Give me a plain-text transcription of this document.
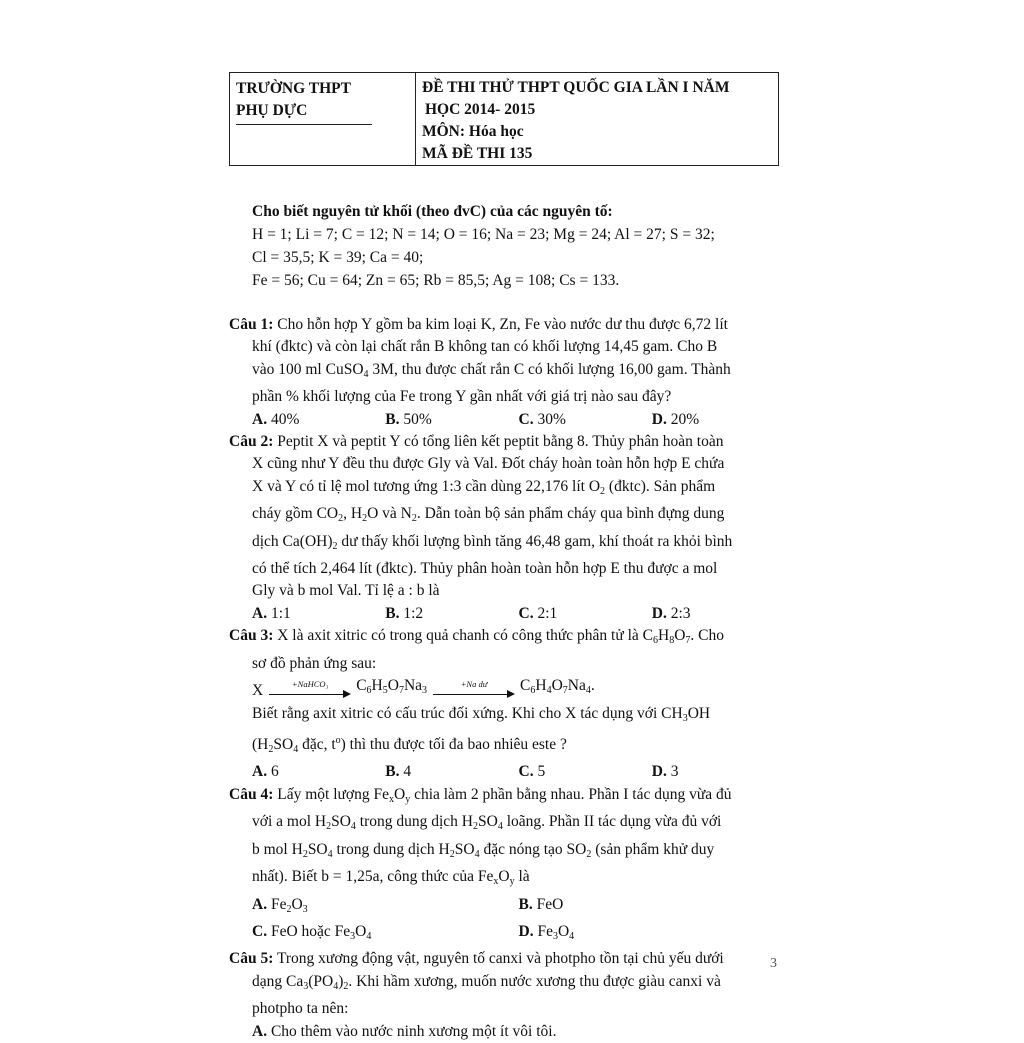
TRƯỜNG THPT
PHỤ DỰC
ĐỀ THI THỬ THPT QUỐC GIA LẦN I NĂM
HỌC 2014- 2015
MÔN: Hóa học
MÃ ĐỀ THI 135
Cho biết nguyên tử khối (theo đvC) của các nguyên tố:
H = 1; Li = 7; C = 12; N = 14; O = 16; Na = 23; Mg = 24; Al = 27; S = 32;
Cl = 35,5; K = 39; Ca = 40;
Fe = 56; Cu = 64; Zn = 65; Rb = 85,5; Ag = 108; Cs = 133.
Câu 1: Cho hỗn hợp Y gồm ba kim loại K, Zn, Fe vào nước dư thu được 6,72 lít
khí (đktc) và còn lại chất rắn B không tan có khối lượng 14,45 gam. Cho B
vào 100 ml CuSO$_4$ 3M, thu được chất rắn C có khối lượng 16,00 gam. Thành
phần % khối lượng của Fe trong Y gần nhất với giá trị nào sau đây?
A. 40%	B. 50%	C. 30%	D. 20%
Câu 2: Peptit X và peptit Y có tổng liên kết peptit bằng 8. Thủy phân hoàn toàn
X cũng như Y đều thu được Gly và Val. Đốt cháy hoàn toàn hỗn hợp E chứa
X và Y có tỉ lệ mol tương ứng 1:3 cần dùng 22,176 lít $O_2$ (đktc). Sản phẩm
cháy gồm $CO_2$, $H_2O$ và $N_2$. Dẫn toàn bộ sản phẩm cháy qua bình đựng dung
dịch $Ca(OH)_2$ dư thấy khối lượng bình tăng 46,48 gam, khí thoát ra khỏi bình
có thể tích 2,464 lít (đktc). Thủy phân hoàn toàn hỗn hợp E thu được a mol
Gly và b mol Val. Tỉ lệ a : b là
A. 1:1	B. 1:2	C. 2:1	D. 2:3
Câu 3: X là axit xitric có trong quả chanh có công thức phân tử là $C_6H_8O_7$. Cho
sơ đồ phản ứng sau:
X	+NaHCO₃	$C_6H_5O_7Na_3$
+Na dư	$C_6H_4O_7Na_4$.
Biết rằng axit xitric có cấu trúc đối xứng. Khi cho X tác dụng với $CH_3OH$
($H_2SO_4$ đặc, $t^o$) thì thu được tối đa bao nhiêu este ?
A. 6	B. 4	C. 5	D. 3
Câu 4: Lấy một lượng $Fe_xO_y$ chia làm 2 phần bằng nhau. Phần I tác dụng vừa đủ
với a mol $H_2SO_4$ trong dung dịch $H_2SO_4$ loãng. Phần II tác dụng vừa đủ với
b mol $H_2SO_4$ trong dung dịch $H_2SO_4$ đặc nóng tạo $SO_2$ (sản phẩm khử duy
nhất). Biết b = 1,25a, công thức của $Fe_xO_y$ là
A. $Fe_2O_3$	B. FeO
C. FeO hoặc $Fe_3O_4$	D. $Fe_3O_4$
Câu 5: Trong xương động vật, nguyên tố canxi và photpho tồn tại chủ yếu dưới
dạng $Ca_3(PO_4)_2$. Khi hầm xương, muốn nước xương thu được giàu canxi và
photpho ta nên:
A. Cho thêm vào nước ninh xương một ít vôi tôi.
3
